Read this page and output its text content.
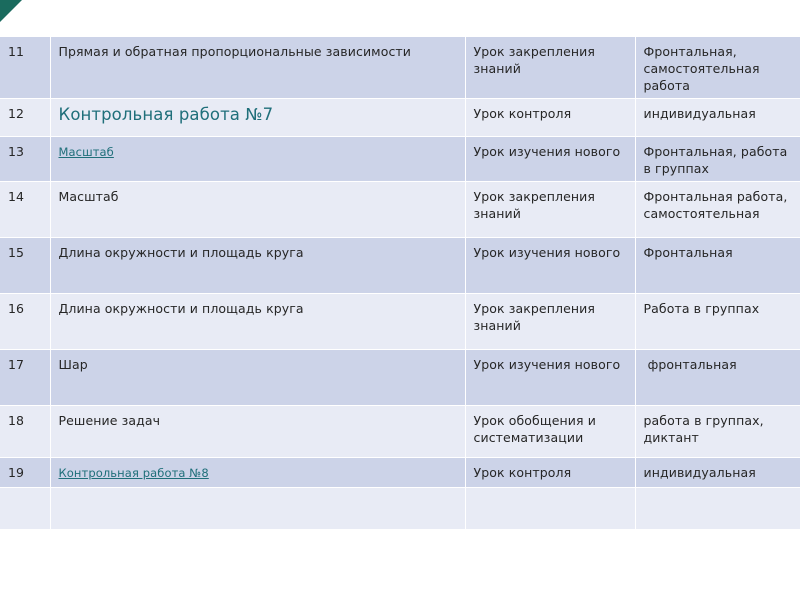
11	Прямая и обратная пропорциональные зависимости	Урок закрепления знаний	Фронтальная, самостоятельная работа
12	Контрольная работа №7	Урок контроля	индивидуальная
13	Масштаб	Урок изучения нового	Фронтальная, работа в группах
14	Масштаб	Урок закрепления знаний	Фронтальная работа, самостоятельная
15	Длина окружности и площадь круга	Урок изучения нового	Фронтальная
16	Длина окружности и площадь круга	Урок закрепления знаний	Работа в группах
17	Шар	Урок изучения нового	фронтальная
18	Решение задач	Урок обобщения и систематизации	работа в группах, диктант
19	Контрольная работа №8	Урок контроля	индивидуальная
